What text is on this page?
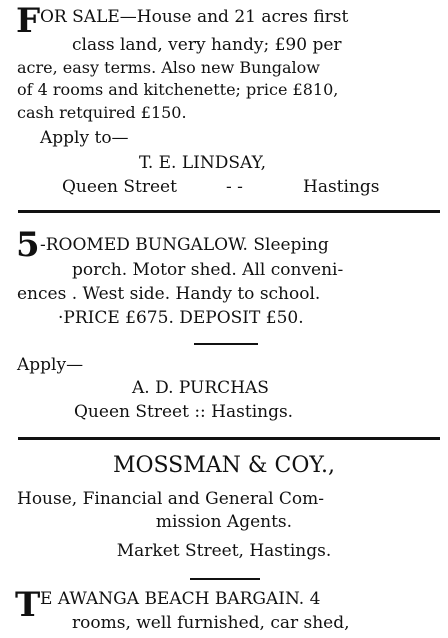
F OR SALE—House and 21 acres first
class land, very handy; £90 per
acre, easy terms. Also new Bungalow
of 4 rooms and kitchenette; price £810,
cash retquired £150.
Apply to—
T. E. LINDSAY,
Queen Street	- -	Hastings
5 -ROOMED BUNGALOW. Sleeping
porch. Motor shed. All conveni-
ences . West side. Handy to school.
·PRICE £675. DEPOSIT £50.
Apply—
A. D. PURCHAS
Queen Street :: Hastings.
MOSSMAN & COY.,
House, Financial and General Com-
mission Agents.
Market Street, Hastings.
T E AWANGA BEACH BARGAIN. 4
rooms, well furnished, car shed,
